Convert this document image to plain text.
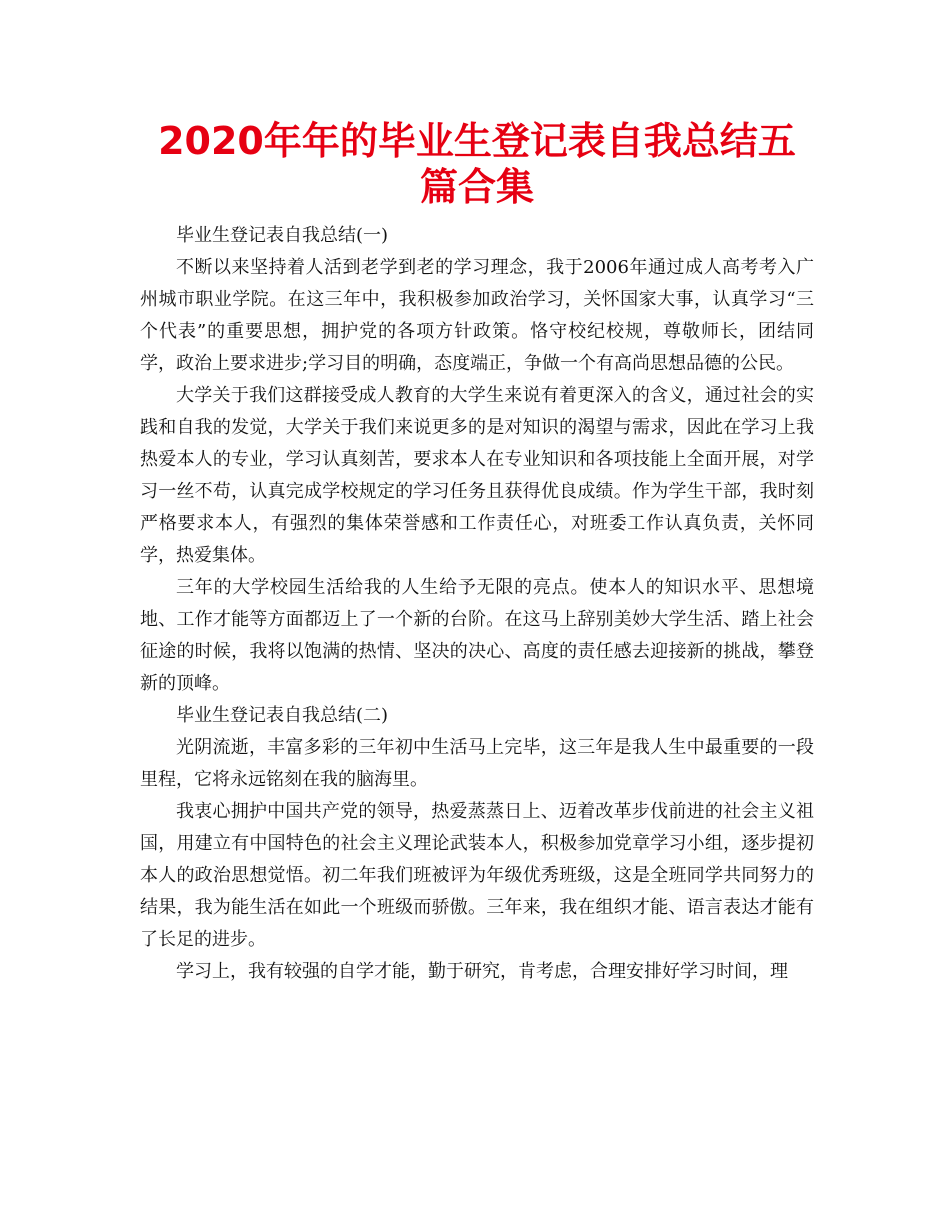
2020年年的毕业生登记表自我总结五篇合集

毕业生登记表自我总结(一)

不断以来坚持着人活到老学到老的学习理念，我于2006年通过成人高考考入广州城市职业学院。在这三年中，我积极参加政治学习，关怀国家大事，认真学习“三个代表”的重要思想，拥护党的各项方针政策。恪守校纪校规，尊敬师长，团结同学，政治上要求进步;学习目的明确，态度端正，争做一个有高尚思想品德的公民。

大学关于我们这群接受成人教育的大学生来说有着更深入的含义，通过社会的实践和自我的发觉，大学关于我们来说更多的是对知识的渴望与需求，因此在学习上我热爱本人的专业，学习认真刻苦，要求本人在专业知识和各项技能上全面开展，对学习一丝不苟，认真完成学校规定的学习任务且获得优良成绩。作为学生干部，我时刻严格要求本人，有强烈的集体荣誉感和工作责任心，对班委工作认真负责，关怀同学，热爱集体。

三年的大学校园生活给我的人生给予无限的亮点。使本人的知识水平、思想境地、工作才能等方面都迈上了一个新的台阶。在这马上辞别美妙大学生活、踏上社会征途的时候，我将以饱满的热情、坚决的决心、高度的责任感去迎接新的挑战，攀登新的顶峰。

毕业生登记表自我总结(二)

光阴流逝，丰富多彩的三年初中生活马上完毕，这三年是我人生中最重要的一段里程，它将永远铭刻在我的脑海里。

我衷心拥护中国共产党的领导，热爱蒸蒸日上、迈着改革步伐前进的社会主义祖国，用建立有中国特色的社会主义理论武装本人，积极参加党章学习小组，逐步提初本人的政治思想觉悟。初二年我们班被评为年级优秀班级，这是全班同学共同努力的结果，我为能生活在如此一个班级而骄傲。三年来，我在组织才能、语言表达才能有了长足的进步。

学习上，我有较强的自学才能，勤于研究，肯考虑，合理安排好学习时间，理
